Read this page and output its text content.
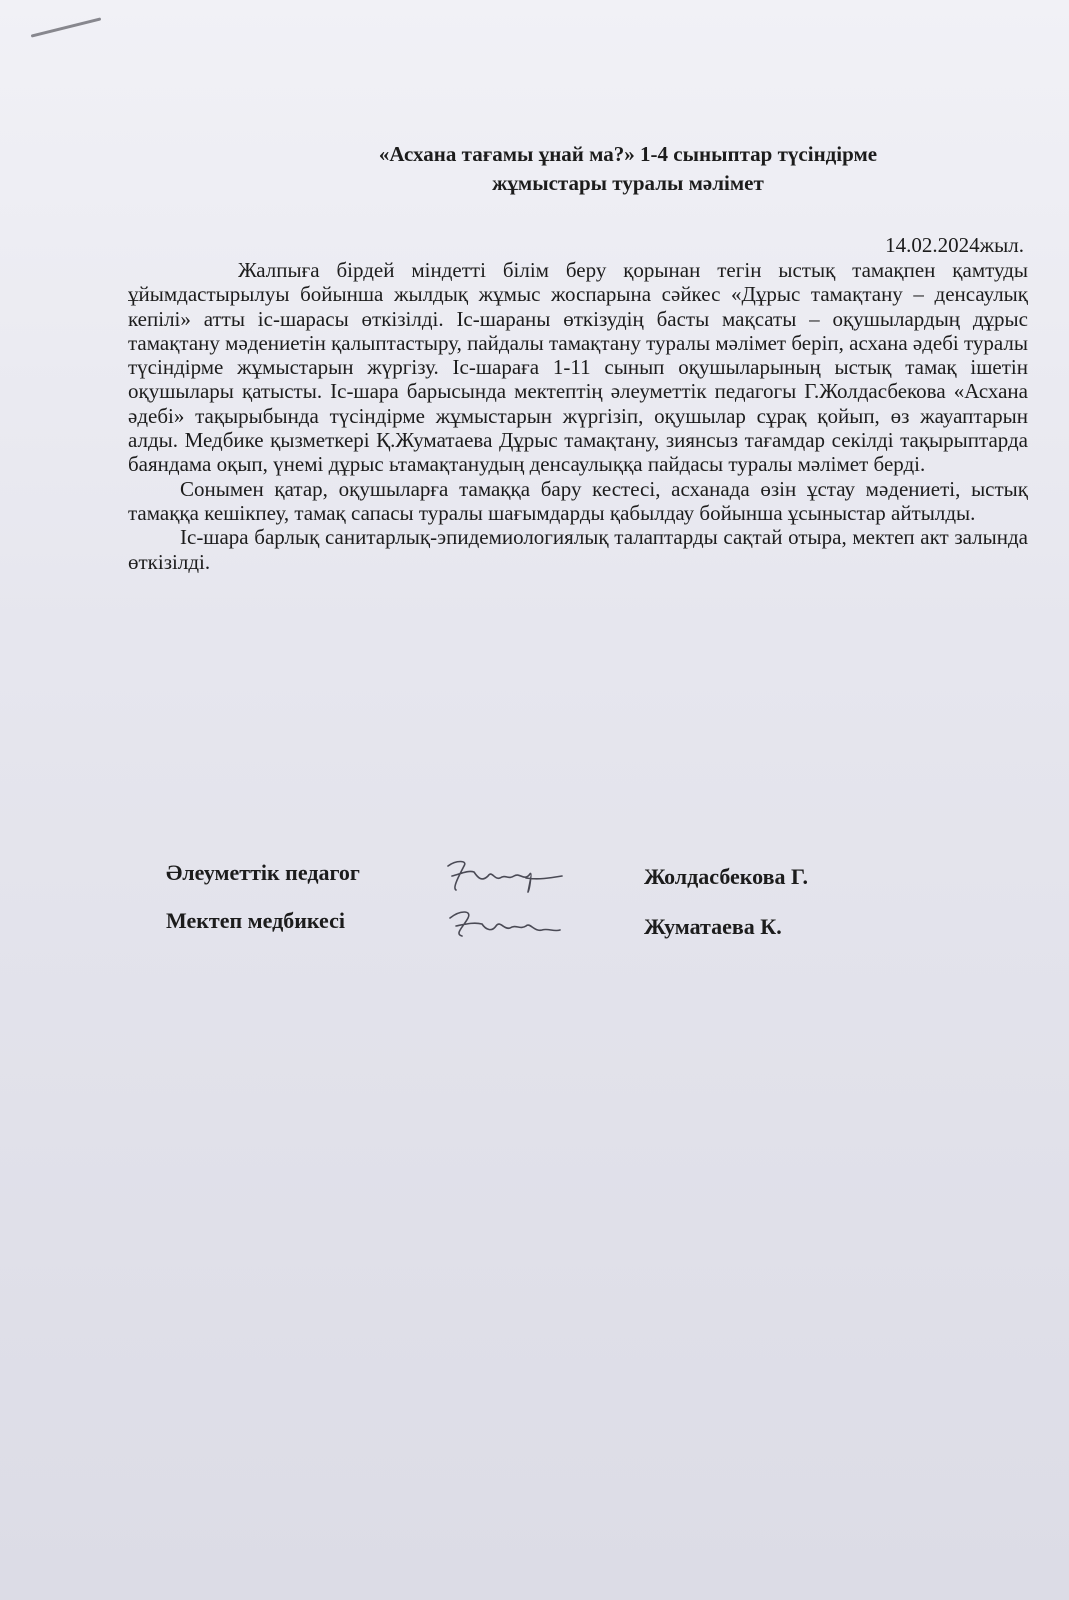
«Асхана тағамы ұнай ма?» 1-4 сыныптар түсіндірме
жұмыстары туралы мәлімет
14.02.2024жыл.

Жалпыға бірдей міндетті білім беру қорынан тегін ыстық тамақпен қамтуды ұйымдастырылуы бойынша жылдық жұмыс жоспарына сәйкес «Дұрыс тамақтану – денсаулық кепілі» атты іс-шарасы өткізілді. Іс-шараны өткізудің басты мақсаты – оқушылардың дұрыс тамақтану мәдениетін қалыптастыру, пайдалы тамақтану туралы мәлімет беріп, асхана әдебі туралы түсіндірме жұмыстарын жүргізу. Іс-шараға 1-11 сынып оқушыларының ыстық тамақ ішетін оқушылары қатысты. Іс-шара барысында мектептің әлеуметтік педагогы Г.Жолдасбекова «Асхана әдебі» тақырыбында түсіндірме жұмыстарын жүргізіп, оқушылар сұрақ қойып, өз жауаптарын алды. Медбике қызметкері Қ.Жуматаева Дұрыс тамақтану, зиянсыз тағамдар секілді тақырыптарда баяндама оқып, үнемі дұрыс ьтамақтанудың денсаулыққа пайдасы туралы мәлімет берді.

Сонымен қатар, оқушыларға тамаққа бару кестесі, асханада өзін ұстау мәдениеті, ыстық тамаққа кешікпеу, тамақ сапасы туралы шағымдарды қабылдау бойынша ұсыныстар айтылды.

Іс-шара барлық санитарлық-эпидемиологиялық талаптарды сақтай отыра, мектеп акт залында өткізілді.

Әлеуметтік педагог	Жолдасбекова Г.
Мектеп медбикесі	Жуматаева К.
